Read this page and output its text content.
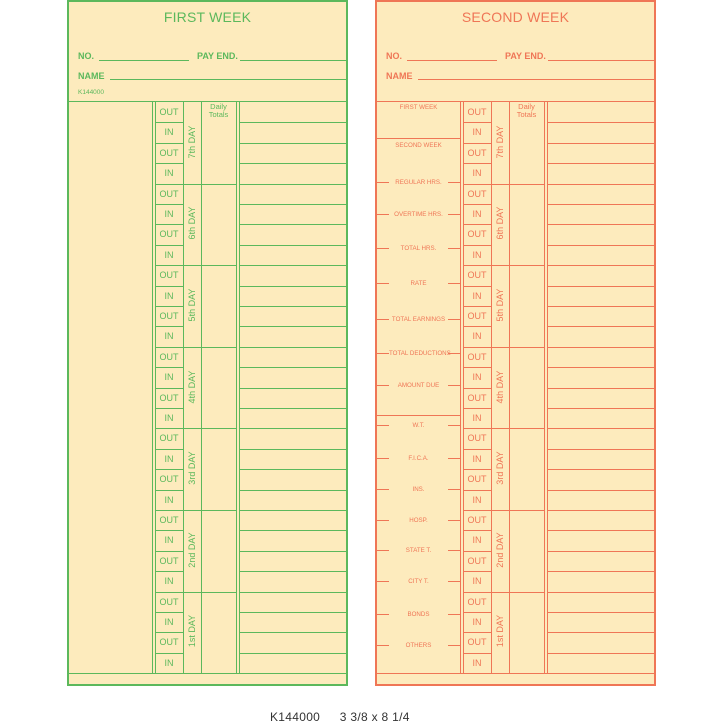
FIRST WEEK
NO.	PAY END.
NAME
K144000
Daily Totals
OUT
IN
OUT
IN
OUT
IN
OUT
IN
OUT
IN
OUT
IN
OUT
IN
OUT
IN
OUT
IN
OUT
IN
OUT
IN
OUT
IN
OUT
IN
OUT
IN
7th DAY
6th DAY
5th DAY
4th DAY
3rd DAY
2nd DAY
1st DAY
SECOND WEEK
NO.	PAY END.
NAME
Daily Totals
OUT
IN
OUT
IN
OUT
IN
OUT
IN
OUT
IN
OUT
IN
OUT
IN
OUT
IN
OUT
IN
OUT
IN
OUT
IN
OUT
IN
OUT
IN
OUT
IN
7th DAY
6th DAY
5th DAY
4th DAY
3rd DAY
2nd DAY
1st DAY
FIRST WEEK
SECOND WEEK
REGULAR HRS.
OVERTIME HRS.
TOTAL HRS.
RATE
TOTAL EARNINGS
TOTAL DEDUCTIONS
AMOUNT DUE
W.T.
F.I.C.A.
INS.
HOSP.
STATE T.
CITY T.
BONDS
OTHERS
K144000 3 3/8 x 8 1/4
